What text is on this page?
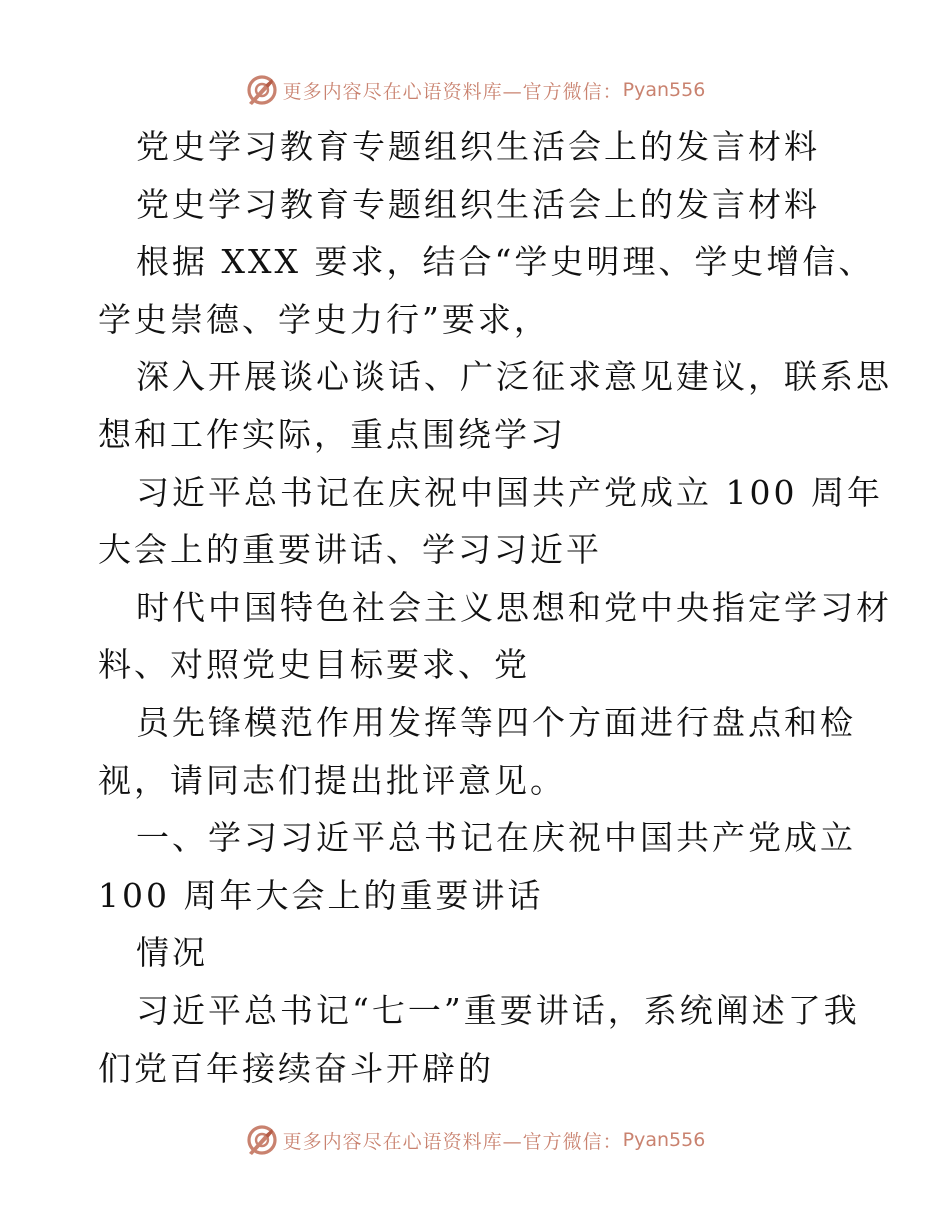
更多内容尽在心语资料库—官方微信： Pyan556
党史学习教育专题组织生活会上的发言材料
党史学习教育专题组织生活会上的发言材料
根据 XXX 要求，结合“学史明理、学史增信、
学史崇德、学史力行”要求，
深入开展谈心谈话、广泛征求意见建议，联系思
想和工作实际，重点围绕学习
习近平总书记在庆祝中国共产党成立 100 周年
大会上的重要讲话、学习习近平
时代中国特色社会主义思想和党中央指定学习材
料、对照党史目标要求、党
员先锋模范作用发挥等四个方面进行盘点和检
视，请同志们提出批评意见。
一、学习习近平总书记在庆祝中国共产党成立
100 周年大会上的重要讲话
情况
习近平总书记“七一”重要讲话，系统阐述了我
们党百年接续奋斗开辟的
更多内容尽在心语资料库—官方微信： Pyan556
